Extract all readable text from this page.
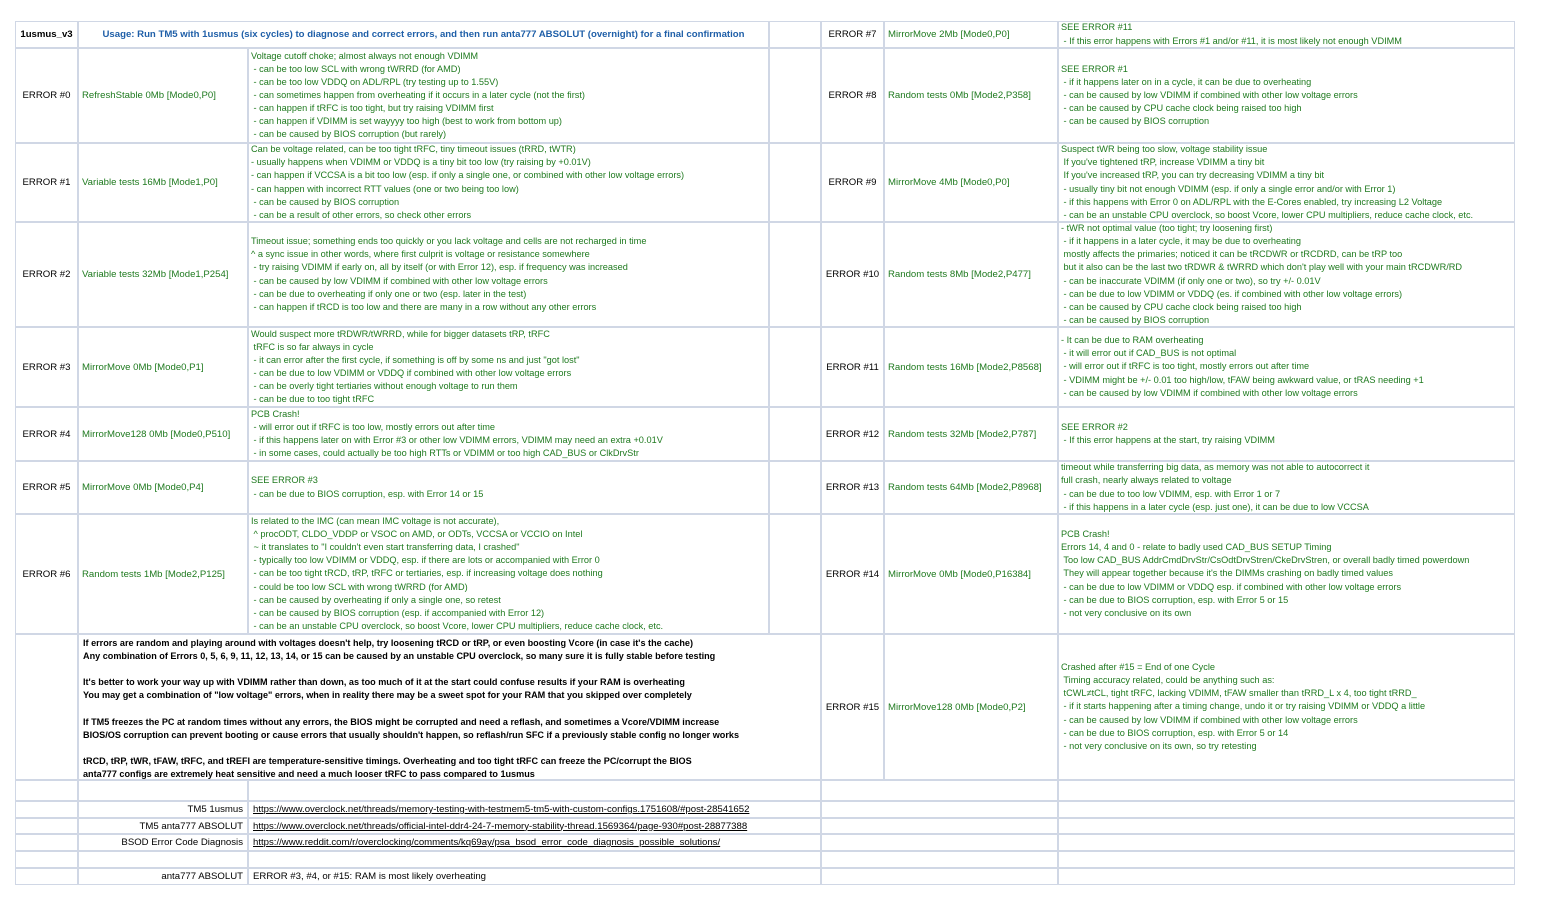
1usmus_v3	Usage: Run TM5 with 1usmus (six cycles) to diagnose and correct errors, and then run anta777 ABSOLUT (overnight) for a final confirmation
ERROR #0 RefreshStable 0Mb [Mode0,P0]
Voltage cutoff choke; almost always not enough VDIMM
- can be too low SCL with wrong tWRRD (for AMD)
- can be too low VDDQ on ADL/RPL (try testing up to 1.55V)
- can sometimes happen from overheating if it occurs in a later cycle (not the first)
- can happen if tRFC is too tight, but try raising VDIMM first
- can happen if VDIMM is set wayyyy too high (best to work from bottom up)
- can be caused by BIOS corruption (but rarely)
ERROR #1 Variable tests 16Mb [Mode1,P0]
Can be voltage related, can be too tight tRFC, tiny timeout issues (tRRD, tWTR)
- usually happens when VDIMM or VDDQ is a tiny bit too low (try raising by +0.01V)
- can happen if VCCSA is a bit too low (esp. if only a single one, or combined with other low voltage errors)
- can happen with incorrect RTT values (one or two being too low)
- can be caused by BIOS corruption
- can be a result of other errors, so check other errors
ERROR #2 Variable tests 32Mb [Mode1,P254]
Timeout issue; something ends too quickly or you lack voltage and cells are not recharged in time
^ a sync issue in other words, where first culprit is voltage or resistance somewhere
- try raising VDIMM if early on, all by itself (or with Error 12), esp. if frequency was increased
- can be caused by low VDIMM if combined with other low voltage errors
- can be due to overheating if only one or two (esp. later in the test)
- can happen if tRCD is too low and there are many in a row without any other errors
ERROR #3 MirrorMove 0Mb [Mode0,P1]
Would suspect more tRDWR/tWRRD, while for bigger datasets tRP, tRFC
tRFC is so far always in cycle
- it can error after the first cycle, if something is off by some ns and just "got lost"
- can be due to low VDIMM or VDDQ if combined with other low voltage errors
- can be overly tight tertiaries without enough voltage to run them
- can be due to too tight tRFC
ERROR #4 MirrorMove128 0Mb [Mode0,P510]
PCB Crash!
- will error out if tRFC is too low, mostly errors out after time
- if this happens later on with Error #3 or other low VDIMM errors, VDIMM may need an extra +0.01V
- in some cases, could actually be too high RTTs or VDIMM or too high CAD_BUS or ClkDrvStr
ERROR #5 MirrorMove 0Mb [Mode0,P4]
SEE ERROR #3
- can be due to BIOS corruption, esp. with Error 14 or 15
ERROR #6 Random tests 1Mb [Mode2,P125]
Is related to the IMC (can mean IMC voltage is not accurate),
^ procODT, CLDO_VDDP or VSOC on AMD, or ODTs, VCCSA or VCCIO on Intel
~ it translates to "I couldn't even start transferring data, I crashed"
- typically too low VDIMM or VDDQ, esp. if there are lots or accompanied with Error 0
- can be too tight tRCD, tRP, tRFC or tertiaries, esp. if increasing voltage does nothing
- could be too low SCL with wrong tWRRD (for AMD)
- can be caused by overheating if only a single one, so retest
- can be caused by BIOS corruption (esp. if accompanied with Error 12)
- can be an unstable CPU overclock, so boost Vcore, lower CPU multipliers, reduce cache clock, etc.
ERROR #7 MirrorMove 2Mb [Mode0,P0]
SEE ERROR #11
- If this error happens with Errors #1 and/or #11, it is most likely not enough VDIMM
ERROR #8 Random tests 0Mb [Mode2,P358]
SEE ERROR #1
- if it happens later on in a cycle, it can be due to overheating
- can be caused by low VDIMM if combined with other low voltage errors
- can be caused by CPU cache clock being raised too high
- can be caused by BIOS corruption
ERROR #9 MirrorMove 4Mb [Mode0,P0]
Suspect tWR being too slow, voltage stability issue
If you've tightened tRP, increase VDIMM a tiny bit
If you've increased tRP, you can try decreasing VDIMM a tiny bit
- usually tiny bit not enough VDIMM (esp. if only a single error and/or with Error 1)
- if this happens with Error 0 on ADL/RPL with the E-Cores enabled, try increasing L2 Voltage
- can be an unstable CPU overclock, so boost Vcore, lower CPU multipliers, reduce cache clock, etc.
ERROR #10 Random tests 8Mb [Mode2,P477]
- tWR not optimal value (too tight; try loosening first)
- if it happens in a later cycle, it may be due to overheating
mostly affects the primaries; noticed it can be tRCDWR or tRCDRD, can be tRP too
but it also can be the last two tRDWR & tWRRD which don't play well with your main tRCDWR/RD
- can be inaccurate VDIMM (if only one or two), so try +/- 0.01V
- can be due to low VDIMM or VDDQ (es. if combined with other low voltage errors)
- can be caused by CPU cache clock being raised too high
- can be caused by BIOS corruption
ERROR #11 Random tests 16Mb [Mode2,P8568]
- It can be due to RAM overheating
- it will error out if CAD_BUS is not optimal
- will error out if tRFC is too tight, mostly errors out after time
- VDIMM might be +/- 0.01 too high/low, tFAW being awkward value, or tRAS needing +1
- can be caused by low VDIMM if combined with other low voltage errors
ERROR #12 Random tests 32Mb [Mode2,P787]
SEE ERROR #2
- If this error happens at the start, try raising VDIMM
ERROR #13 Random tests 64Mb [Mode2,P8968]
timeout while transferring big data, as memory was not able to autocorrect it
full crash, nearly always related to voltage
- can be due to too low VDIMM, esp. with Error 1 or 7
- if this happens in a later cycle (esp. just one), it can be due to low VCCSA
ERROR #14 MirrorMove 0Mb [Mode0,P16384]
PCB Crash!
Errors 14, 4 and 0 - relate to badly used CAD_BUS SETUP Timing
Too low CAD_BUS AddrCmdDrvStr/CsOdtDrvStren/CkeDrvStren, or overall badly timed powerdown
They will appear together because it's the DIMMs crashing on badly timed values
- can be due to low VDIMM or VDDQ esp. if combined with other low voltage errors
- can be due to BIOS corruption, esp. with Error 5 or 15
- not very conclusive on its own
ERROR #15 MirrorMove128 0Mb [Mode0,P2]
Crashed after #15 = End of one Cycle
Timing accuracy related, could be anything such as:
tCWL≠tCL, tight tRFC, lacking VDIMM, tFAW smaller than tRRD_L x 4, too tight tRRD_
- if it starts happening after a timing change, undo it or try raising VDIMM or VDDQ a little
- can be caused by low VDIMM if combined with other low voltage errors
- can be due to BIOS corruption, esp. with Error 5 or 14
- not very conclusive on its own, so try retesting
If errors are random and playing around with voltages doesn't help, try loosening tRCD or tRP, or even boosting Vcore (in case it's the cache)
Any combination of Errors 0, 5, 6, 9, 11, 12, 13, 14, or 15 can be caused by an unstable CPU overclock, so many sure it is fully stable before testing
It's better to work your way up with VDIMM rather than down, as too much of it at the start could confuse results if your RAM is overheating
You may get a combination of "low voltage" errors, when in reality there may be a sweet spot for your RAM that you skipped over completely
If TM5 freezes the PC at random times without any errors, the BIOS might be corrupted and need a reflash, and sometimes a Vcore/VDIMM increase
BIOS/OS corruption can prevent booting or cause errors that usually shouldn't happen, so reflash/run SFC if a previously stable config no longer works
tRCD, tRP, tWR, tFAW, tRFC, and tREFI are temperature-sensitive timings. Overheating and too tight tRFC can freeze the PC/corrupt the BIOS
anta777 configs are extremely heat sensitive and need a much looser tRFC to pass compared to 1usmus
TM5 1usmus https://www.overclock.net/threads/memory-testing-with-testmem5-tm5-with-custom-configs.1751608/#post-28541652
TM5 anta777 ABSOLUT https://www.overclock.net/threads/official-intel-ddr4-24-7-memory-stability-thread.1569364/page-930#post-28877388
BSOD Error Code Diagnosis https://www.reddit.com/r/overclocking/comments/kq69ay/psa_bsod_error_code_diagnosis_possible_solutions/
anta777 ABSOLUT ERROR #3, #4, or #15: RAM is most likely overheating
